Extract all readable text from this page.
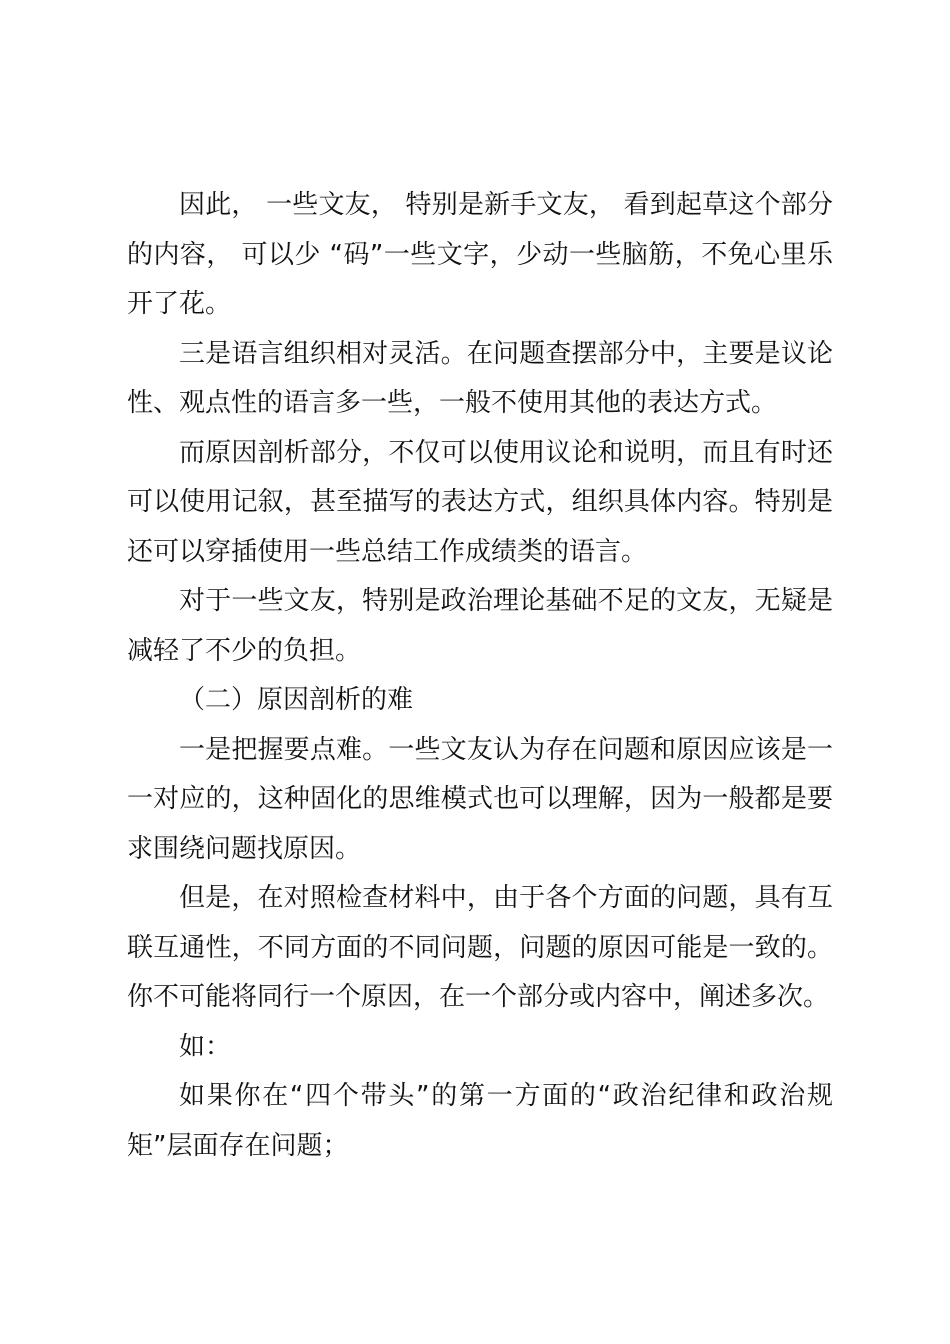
因此， 一些文友， 特别是新手文友， 看到起草这个部分的内容， 可以少 “码”一些文字，少动一些脑筋，不免心里乐开了花。

三是语言组织相对灵活。在问题查摆部分中，主要是议论性、观点性的语言多一些，一般不使用其他的表达方式。

而原因剖析部分，不仅可以使用议论和说明，而且有时还可以使用记叙，甚至描写的表达方式，组织具体内容。特别是还可以穿插使用一些总结工作成绩类的语言。

对于一些文友，特别是政治理论基础不足的文友，无疑是减轻了不少的负担。

（二）原因剖析的难

一是把握要点难。一些文友认为存在问题和原因应该是一一对应的，这种固化的思维模式也可以理解，因为一般都是要求围绕问题找原因。

但是，在对照检查材料中，由于各个方面的问题，具有互联互通性，不同方面的不同问题，问题的原因可能是一致的。你不可能将同行一个原因，在一个部分或内容中，阐述多次。

如：

如果你在“四个带头”的第一方面的“政治纪律和政治规矩”层面存在问题；
